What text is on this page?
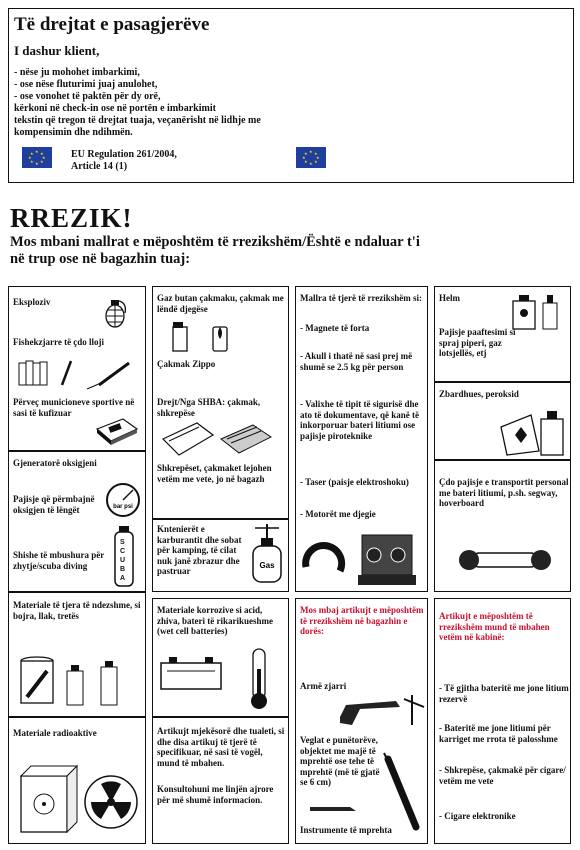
Të drejtat e pasagjerëve
I dashur klient,
- nëse ju mohohet imbarkimi,
- ose nëse fluturimi juaj anulohet,
- ose vonohet të paktën për dy orë,
kërkoni në check-in ose në portën e imbarkimit
tekstin që tregon të drejtat tuaja, veçanërisht në lidhje me
kompensimin dhe ndihmën.
★ ★
★
★
★
★
★
★	EU Regulation 261/2004,
Article 14 (1)
★ ★
★
★
★
★
★
★
RREZIK!
Mos mbani mallrat e mëposhtëm të rrezikshëm/Është e ndaluar t'i
në trup ose në bagazhin tuaj:
Eksploziv
Fishekzjarre të çdo lloji
Përveç municioneve sportive në sasi të kufizuar
Gjeneratorë oksigjeni
Pajisje që përmbajnë oksigjen të lëngët	bar psi
S C U B A
Shishe të mbushura për zhytje/scuba diving
Materiale të tjera të ndezshme, si bojra, llak, tretës
Materiale radioaktive
Gaz butan çakmaku, çakmak me lëndë djegëse
Çakmak Zippo
Drejt/Nga SHBA: çakmak, shkrepëse
Shkrepëset, çakmaket lejohen vetëm me vete, jo në bagazh
Kntenierët e karburantit dhe sobat për kamping, të cilat nuk janë zbrazur dhe pastruar
Gas
Materiale korrozive si acid, zhiva, bateri të rikarikueshme (wet cell batteries)
Artikujt mjekësorë dhe tualeti, si dhe disa artikuj të tjerë të specifikuar, në sasi të vogël, mund të mbahen.
Konsultohuni me linjën ajrore për më shumë informacion.
Mallra të tjerë të rrezikshëm si:
- Magnete të forta
- Akull i thatë në sasi prej më shumë se 2.5 kg për person
- Valixhe të tipit të sigurisë dhe ato të dokumentave, që kanë të inkorporuar bateri litiumi ose pajisje piroteknike
- Taser (paisje elektroshoku)
- Motorët me djegie
Mos mbaj artikujt e mëposhtëm të rrezikshëm në bagazhin e dorës:
Armë zjarri
Veglat e punëtorëve, objektet me majë të mprehtë ose tehe të mprehtë (më të gjatë se 6 cm)
Instrumente të mprehta
Helm
Pajisje paaftesimi si spraj piperi, gaz lotsjellës, etj
Zbardhues, peroksid
Çdo pajisje e transportit personal me bateri litiumi, p.sh. segway, hoverboard
Artikujt e mëposhtëm të rrezikshëm mund të mbahen vetëm në kabinë:
- Të gjitha bateritë me jone litium rezervë
- Bateritë me jone litiumi për karriget me rrota të palosshme
- Shkrepëse, çakmakë për cigare/ vetëm me vete
- Cigare elektronike
